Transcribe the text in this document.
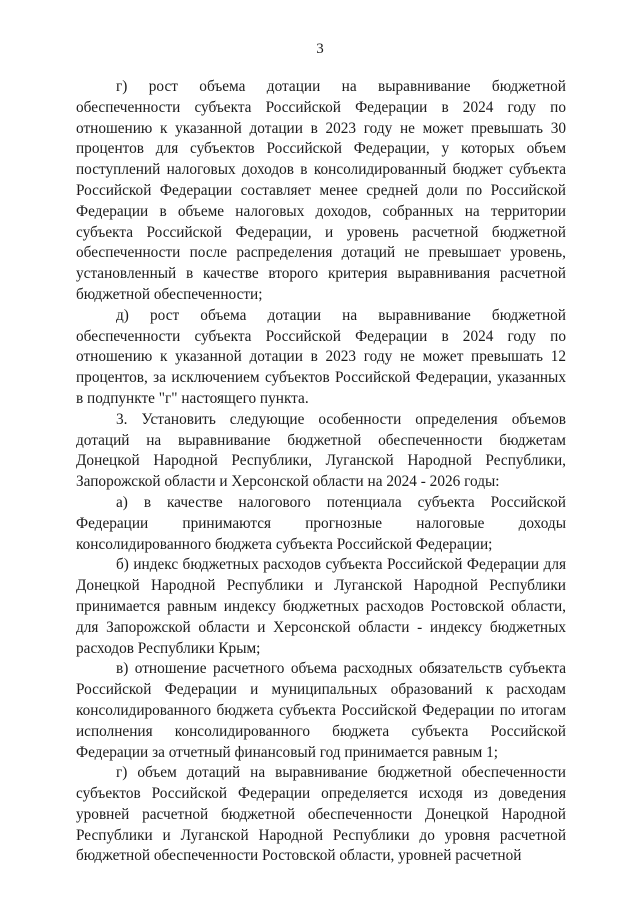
3

г) рост объема дотации на выравнивание бюджетной обеспеченности субъекта Российской Федерации в 2024 году по отношению к указанной дотации в 2023 году не может превышать 30 процентов для субъектов Российской Федерации, у которых объем поступлений налоговых доходов в консолидированный бюджет субъекта Российской Федерации составляет менее средней доли по Российской Федерации в объеме налоговых доходов, собранных на территории субъекта Российской Федерации, и уровень расчетной бюджетной обеспеченности после распределения дотаций не превышает уровень, установленный в качестве второго критерия выравнивания расчетной бюджетной обеспеченности;

д) рост объема дотации на выравнивание бюджетной обеспеченности субъекта Российской Федерации в 2024 году по отношению к указанной дотации в 2023 году не может превышать 12 процентов, за исключением субъектов Российской Федерации, указанных в подпункте "г" настоящего пункта.

3. Установить следующие особенности определения объемов дотаций на выравнивание бюджетной обеспеченности бюджетам Донецкой Народной Республики, Луганской Народной Республики, Запорожской области и Херсонской области на 2024 - 2026 годы:

а) в качестве налогового потенциала субъекта Российской Федерации принимаются прогнозные налоговые доходы консолидированного бюджета субъекта Российской Федерации;

б) индекс бюджетных расходов субъекта Российской Федерации для Донецкой Народной Республики и Луганской Народной Республики принимается равным индексу бюджетных расходов Ростовской области, для Запорожской области и Херсонской области - индексу бюджетных расходов Республики Крым;

в) отношение расчетного объема расходных обязательств субъекта Российской Федерации и муниципальных образований к расходам консолидированного бюджета субъекта Российской Федерации по итогам исполнения консолидированного бюджета субъекта Российской Федерации за отчетный финансовый год принимается равным 1;

г) объем дотаций на выравнивание бюджетной обеспеченности субъектов Российской Федерации определяется исходя из доведения уровней расчетной бюджетной обеспеченности Донецкой Народной Республики и Луганской Народной Республики до уровня расчетной бюджетной обеспеченности Ростовской области, уровней расчетной
